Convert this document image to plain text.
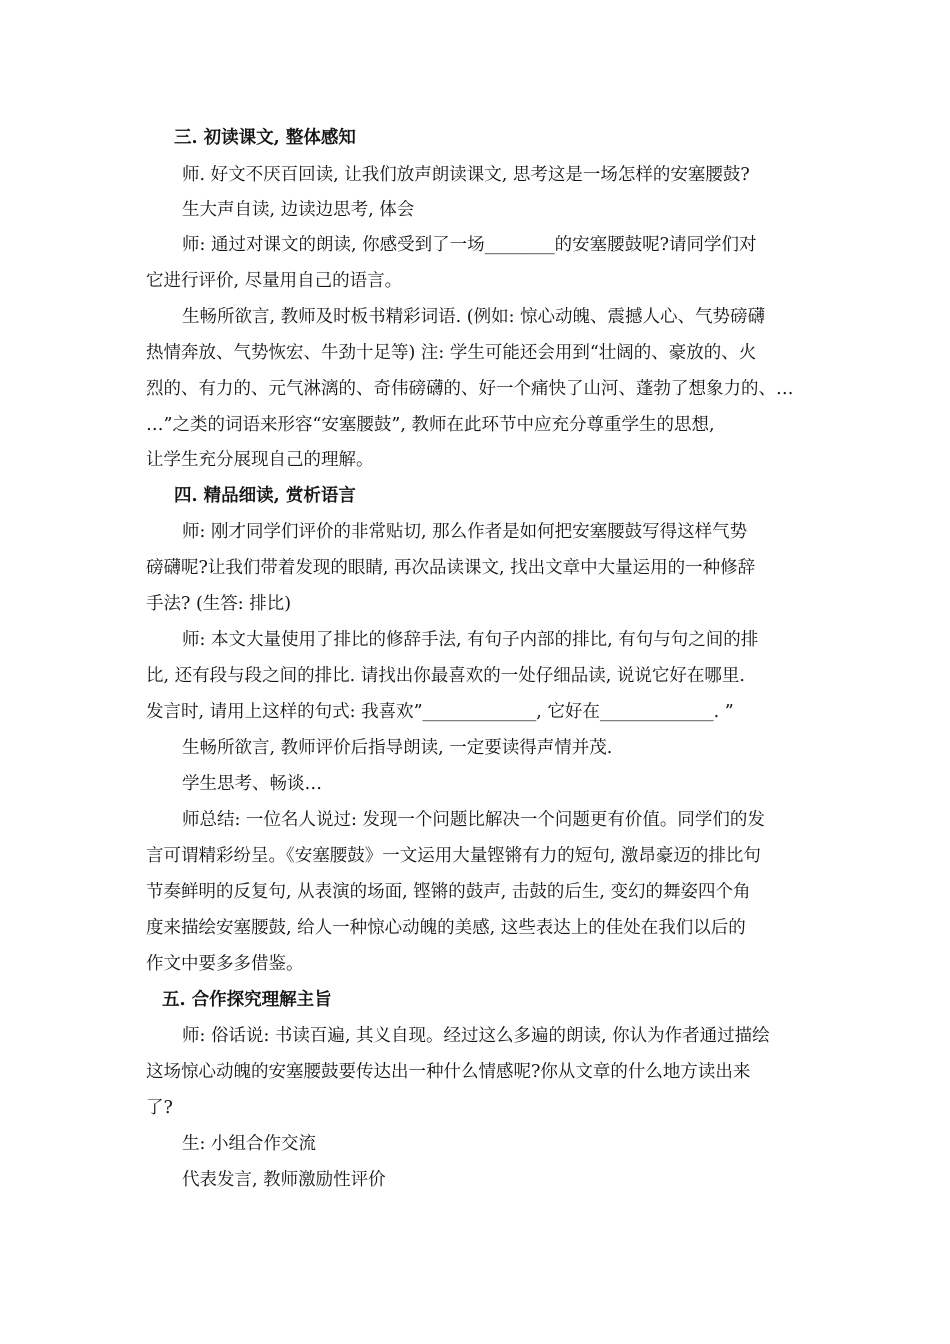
三. 初读课文, 整体感知
师. 好文不厌百回读, 让我们放声朗读课文, 思考这是一场怎样的安塞腰鼓?
生大声自读, 边读边思考, 体会
师: 通过对课文的朗读, 你感受到了一场________的安塞腰鼓呢?请同学们对
它进行评价, 尽量用自己的语言。
生畅所欲言, 教师及时板书精彩词语. (例如: 惊心动魄、震撼人心、气势磅礴
热情奔放、气势恢宏、牛劲十足等) 注: 学生可能还会用到“壮阔的、豪放的、火
烈的、有力的、元气淋漓的、奇伟磅礴的、好一个痛快了山河、蓬勃了想象力的、…
…”之类的词语来形容“安塞腰鼓”, 教师在此环节中应充分尊重学生的思想,
让学生充分展现自己的理解。
四. 精品细读, 赏析语言
师: 刚才同学们评价的非常贴切, 那么作者是如何把安塞腰鼓写得这样气势
磅礴呢?让我们带着发现的眼睛, 再次品读课文, 找出文章中大量运用的一种修辞
手法? (生答: 排比)
师: 本文大量使用了排比的修辞手法, 有句子内部的排比, 有句与句之间的排
比, 还有段与段之间的排比. 请找出你最喜欢的一处仔细品读, 说说它好在哪里.
发言时, 请用上这样的句式: 我喜欢”_____________, 它好在_____________. ”
生畅所欲言, 教师评价后指导朗读, 一定要读得声情并茂.
学生思考、畅谈…
师总结: 一位名人说过: 发现一个问题比解决一个问题更有价值。同学们的发
言可谓精彩纷呈。《安塞腰鼓》一文运用大量铿锵有力的短句, 激昂豪迈的排比句
节奏鲜明的反复句, 从表演的场面, 铿锵的鼓声, 击鼓的后生, 变幻的舞姿四个角
度来描绘安塞腰鼓, 给人一种惊心动魄的美感, 这些表达上的佳处在我们以后的
作文中要多多借鉴。
五. 合作探究理解主旨
师: 俗话说: 书读百遍, 其义自现。经过这么多遍的朗读, 你认为作者通过描绘
这场惊心动魄的安塞腰鼓要传达出一种什么情感呢?你从文章的什么地方读出来
了?
生: 小组合作交流
代表发言, 教师激励性评价
